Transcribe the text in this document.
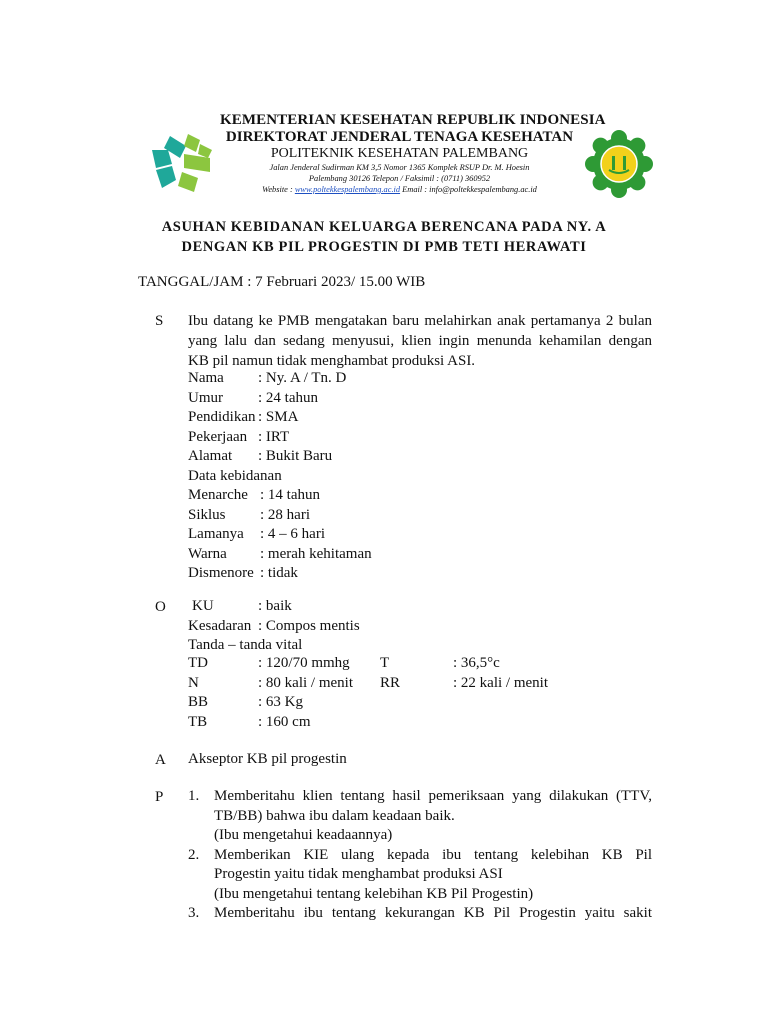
KEMENTERIAN KESEHATAN REPUBLIK INDONESIA
DIREKTORAT JENDERAL TENAGA KESEHATAN
POLITEKNIK KESEHATAN PALEMBANG
Jalan Jenderal Sudirman KM 3,5 Nomor 1365 Komplek RSUP Dr. M. Hoesin
Palembang 30126 Telepon / Faksimil : (0711) 360952
Website : www.poltekkespalembang.ac.id Email : info@poltekkespalembang.ac.id
ASUHAN KEBIDANAN KELUARGA BERENCANA PADA NY. A
DENGAN KB PIL PROGESTIN DI PMB TETI HERAWATI
TANGGAL/JAM : 7 Februari 2023/ 15.00 WIB
S Ibu datang ke PMB mengatakan baru melahirkan anak pertamanya 2 bulan
yang lalu dan sedang menyusui, klien ingin menunda kehamilan dengan
KB pil namun tidak menghambat produksi ASI.
Nama : Ny. A / Tn. D
Umur : 24 tahun
Pendidikan : SMA
Pekerjaan : IRT
Alamat : Bukit Baru
Data kebidanan
Menarche : 14 tahun
Siklus : 28 hari
Lamanya : 4 – 6 hari
Warna : merah kehitaman
Dismenore : tidak
O KU	: baik
Kesadaran : Compos mentis
Tanda – tanda vital
TD	: 120/70 mmhg T	: 36,5°c
N	: 80 kali / menit RR	: 22 kali / menit
BB	: 63 Kg
TB	: 160 cm
A Akseptor KB pil progestin
P 1. Memberitahu klien tentang hasil pemeriksaan yang dilakukan (TTV,
TB/BB) bahwa ibu dalam keadaan baik.
(Ibu mengetahui keadaannya)
2. Memberikan KIE ulang kepada ibu tentang kelebihan KB Pil
Progestin yaitu tidak menghambat produksi ASI
(Ibu mengetahui tentang kelebihan KB Pil Progestin)
3. Memberitahu ibu tentang kekurangan KB Pil Progestin yaitu sakit
